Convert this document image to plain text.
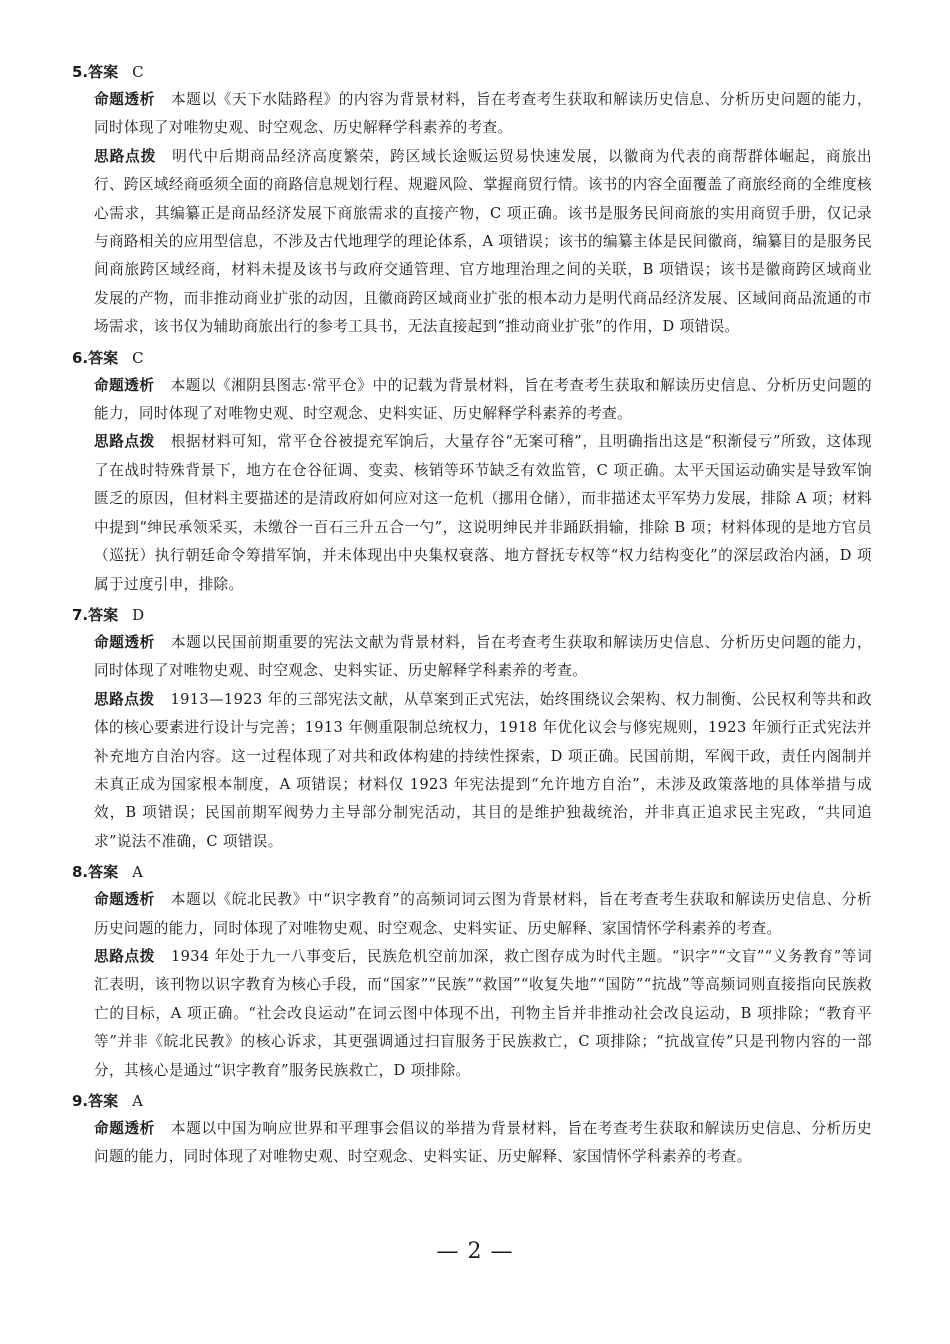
5. 答案 C

命题透析 本题以《天下水陆路程》的内容为背景材料，旨在考查考生获取和解读历史信息、分析历史问题的能力，同时体现了对唯物史观、时空观念、历史解释学科素养的考查。

思路点拨 明代中后期商品经济高度繁荣，跨区域长途贩运贸易快速发展，以徽商为代表的商帮群体崛起，商旅出行、跨区域经商亟须全面的商路信息规划行程、规避风险、掌握商贸行情。该书的内容全面覆盖了商旅经商的全维度核心需求，其编纂正是商品经济发展下商旅需求的直接产物，C 项正确。该书是服务民间商旅的实用商贸手册，仅记录与商路相关的应用型信息，不涉及古代地理学的理论体系，A 项错误；该书的编纂主体是民间徽商，编纂目的是服务民间商旅跨区域经商，材料未提及该书与政府交通管理、官方地理治理之间的关联，B 项错误；该书是徽商跨区域商业发展的产物，而非推动商业扩张的动因，且徽商跨区域商业扩张的根本动力是明代商品经济发展、区域间商品流通的市场需求，该书仅为辅助商旅出行的参考工具书，无法直接起到“推动商业扩张”的作用，D 项错误。

6. 答案 C

命题透析 本题以《湘阴县图志·常平仓》中的记载为背景材料，旨在考查考生获取和解读历史信息、分析历史问题的能力，同时体现了对唯物史观、时空观念、史料实证、历史解释学科素养的考查。

思路点拨 根据材料可知，常平仓谷被提充军饷后，大量存谷“无案可稽”，且明确指出这是“积渐侵亏”所致，这体现了在战时特殊背景下，地方在仓谷征调、变卖、核销等环节缺乏有效监管，C 项正确。太平天国运动确实是导致军饷匮乏的原因，但材料主要描述的是清政府如何应对这一危机（挪用仓储），而非描述太平军势力发展，排除 A 项；材料中提到“绅民承领采买，未缴谷一百石三升五合一勺”，这说明绅民并非踊跃捐输，排除 B 项；材料体现的是地方官员（巡抚）执行朝廷命令筹措军饷，并未体现出中央集权衰落、地方督抚专权等“权力结构变化”的深层政治内涵，D 项属于过度引申，排除。

7. 答案 D

命题透析 本题以民国前期重要的宪法文献为背景材料，旨在考查考生获取和解读历史信息、分析历史问题的能力，同时体现了对唯物史观、时空观念、史料实证、历史解释学科素养的考查。

思路点拨 1913—1923 年的三部宪法文献，从草案到正式宪法，始终围绕议会架构、权力制衡、公民权利等共和政体的核心要素进行设计与完善；1913 年侧重限制总统权力，1918 年优化议会与修宪规则，1923 年颁行正式宪法并补充地方自治内容。这一过程体现了对共和政体构建的持续性探索，D 项正确。民国前期，军阀干政，责任内阁制并未真正成为国家根本制度，A 项错误；材料仅 1923 年宪法提到“允许地方自治”，未涉及政策落地的具体举措与成效，B 项错误；民国前期军阀势力主导部分制宪活动，其目的是维护独裁统治，并非真正追求民主宪政，“共同追求”说法不准确，C 项错误。

8. 答案 A

命题透析 本题以《皖北民教》中“识字教育”的高频词词云图为背景材料，旨在考查考生获取和解读历史信息、分析历史问题的能力，同时体现了对唯物史观、时空观念、史料实证、历史解释、家国情怀学科素养的考查。

思路点拨 1934 年处于九一八事变后，民族危机空前加深，救亡图存成为时代主题。“识字”“文盲”“义务教育”等词汇表明，该刊物以识字教育为核心手段，而“国家”“民族”“救国”“收复失地”“国防”“抗战”等高频词则直接指向民族救亡的目标，A 项正确。“社会改良运动”在词云图中体现不出，刊物主旨并非推动社会改良运动，B 项排除；“教育平等”并非《皖北民教》的核心诉求，其更强调通过扫盲服务于民族救亡，C 项排除；“抗战宣传”只是刊物内容的一部分，其核心是通过“识字教育”服务民族救亡，D 项排除。

9. 答案 A

命题透析 本题以中国为响应世界和平理事会倡议的举措为背景材料，旨在考查考生获取和解读历史信息、分析历史问题的能力，同时体现了对唯物史观、时空观念、史料实证、历史解释、家国情怀学科素养的考查。

— 2 —
